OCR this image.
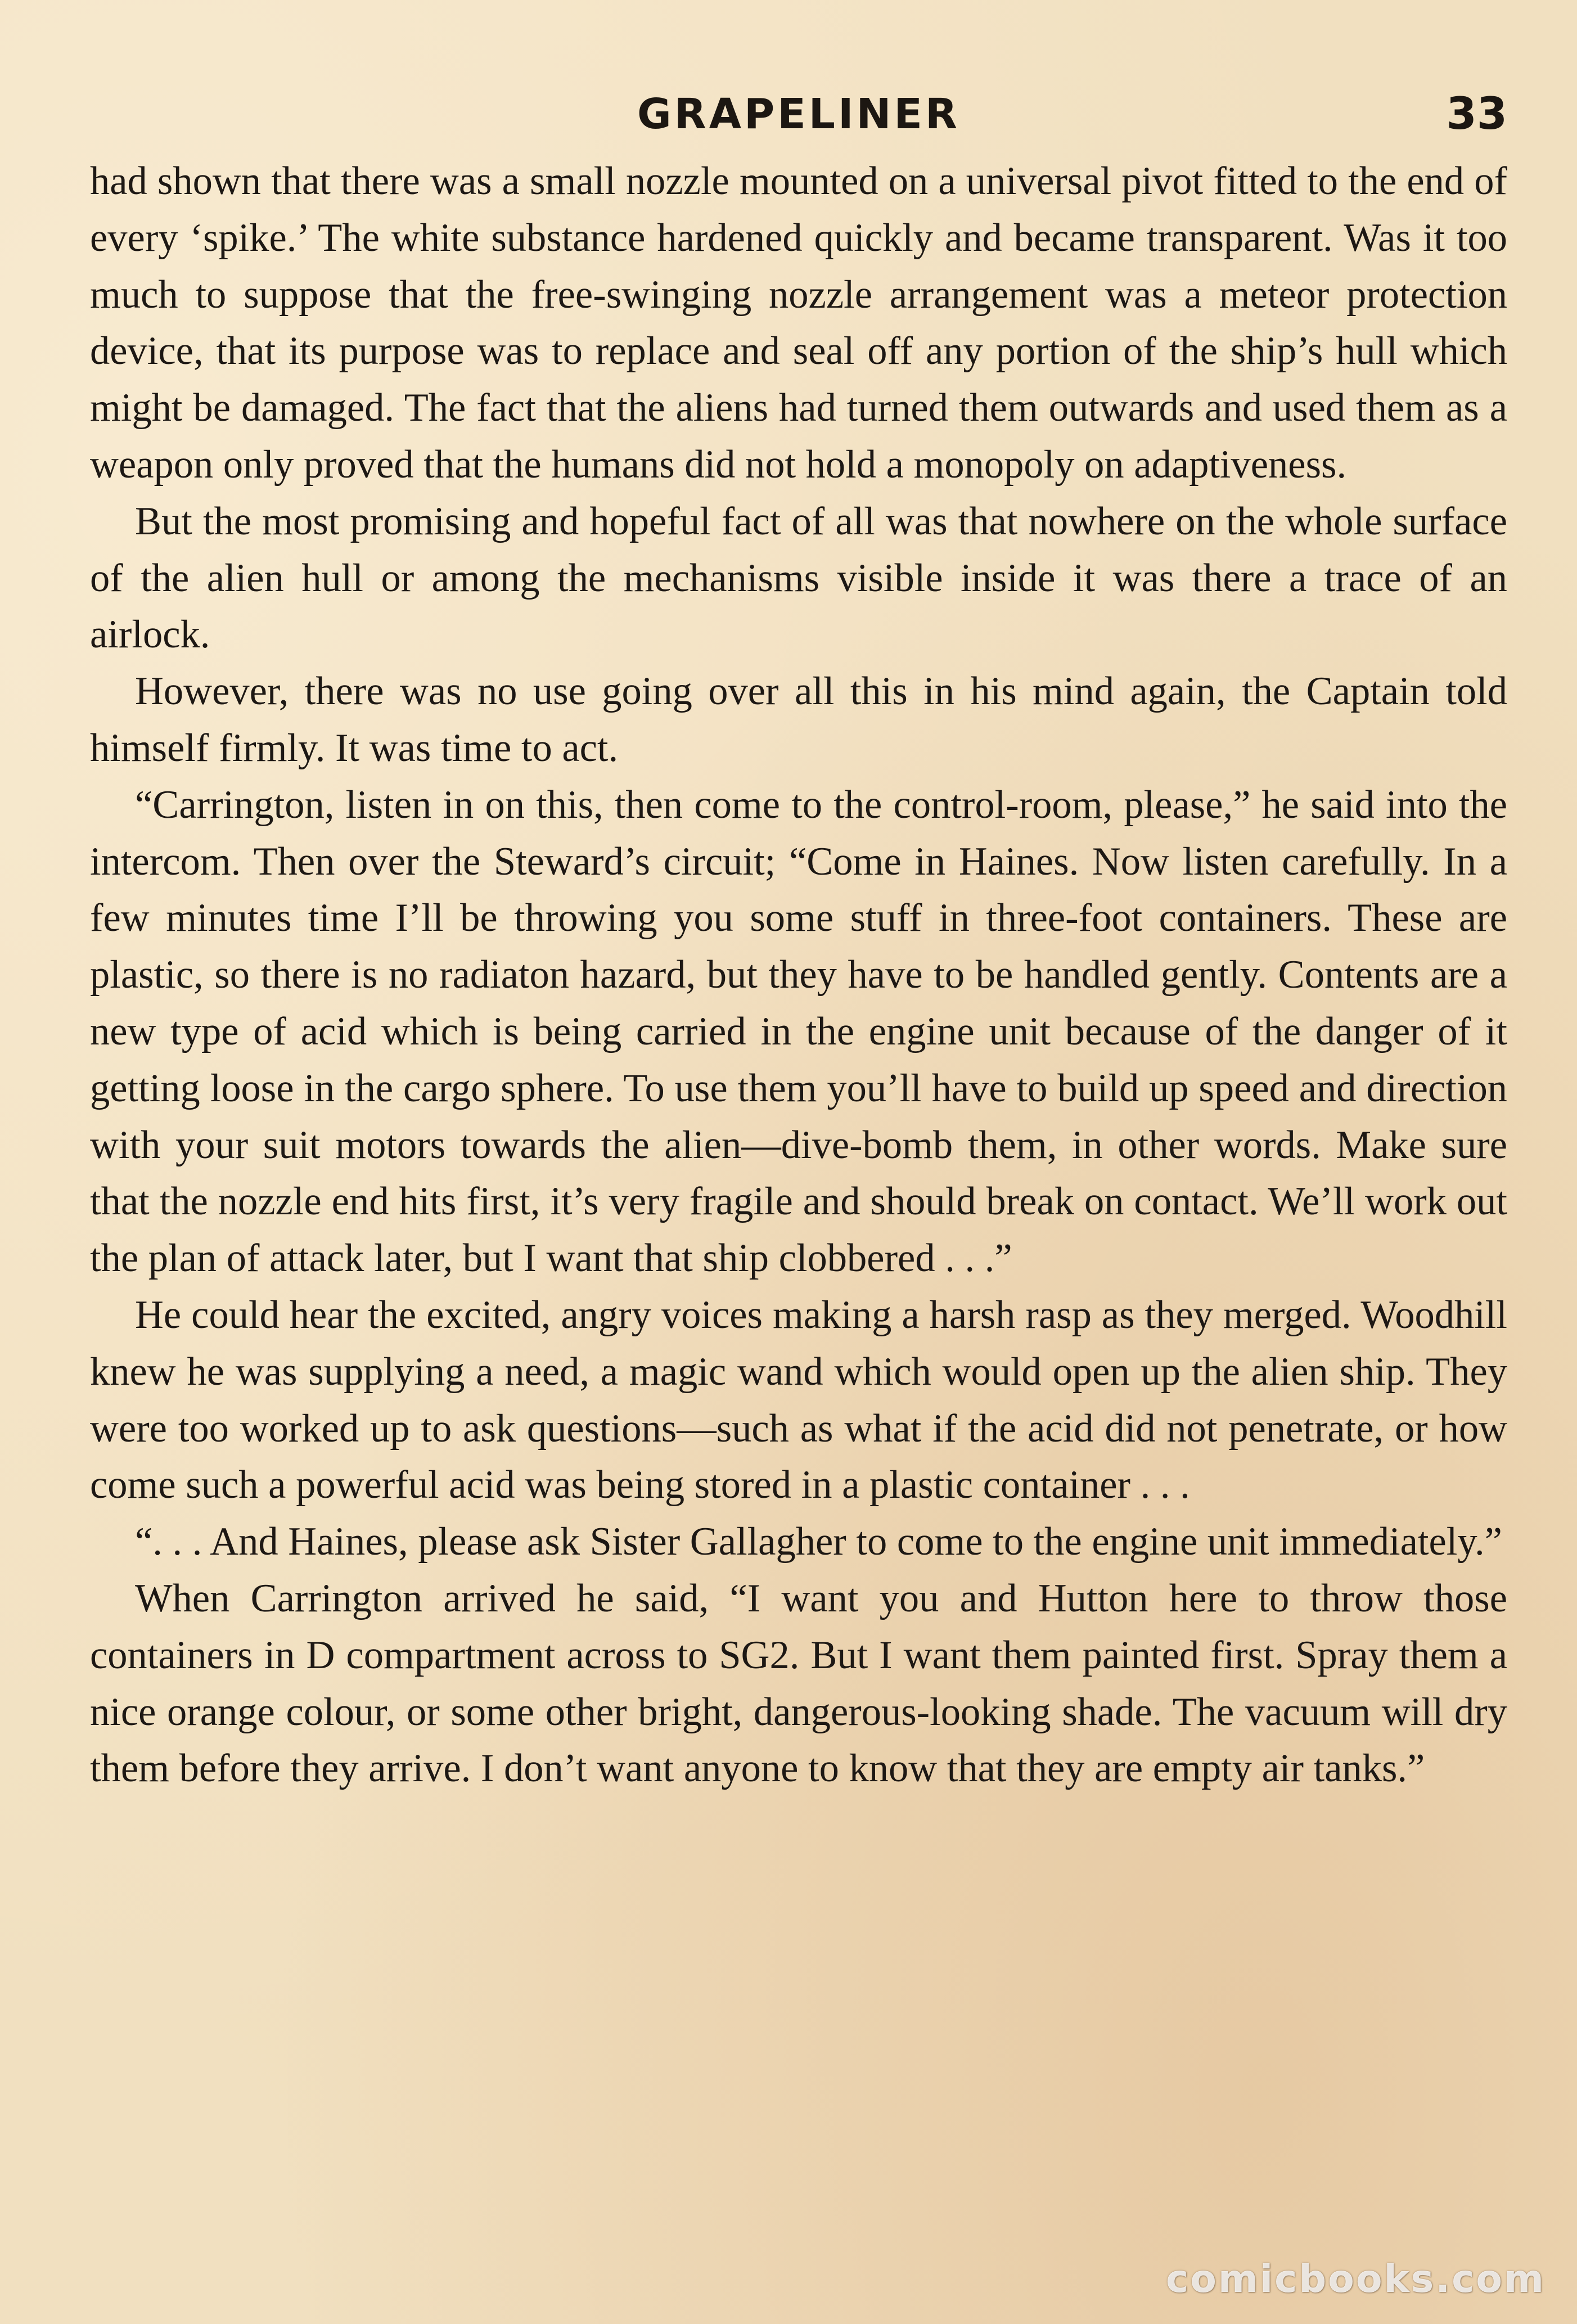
GRAPELINER	33

had shown that there was a small nozzle mounted on a universal pivot fitted to the end of every ‘spike.’ The white substance hardened quickly and became transparent. Was it too much to suppose that the free-swinging nozzle arrangement was a meteor protection device, that its purpose was to replace and seal off any portion of the ship’s hull which might be damaged. The fact that the aliens had turned them outwards and used them as a weapon only proved that the humans did not hold a monopoly on adaptiveness.

But the most promising and hopeful fact of all was that nowhere on the whole surface of the alien hull or among the mechanisms visible inside it was there a trace of an airlock.

However, there was no use going over all this in his mind again, the Captain told himself firmly. It was time to act.

“Carrington, listen in on this, then come to the control-room, please,” he said into the intercom. Then over the Steward’s circuit; “Come in Haines. Now listen carefully. In a few minutes time I’ll be throwing you some stuff in three-foot containers. These are plastic, so there is no radiaton hazard, but they have to be handled gently. Contents are a new type of acid which is being carried in the engine unit because of the danger of it getting loose in the cargo sphere. To use them you’ll have to build up speed and direction with your suit motors towards the alien—dive-bomb them, in other words. Make sure that the nozzle end hits first, it’s very fragile and should break on contact. We’ll work out the plan of attack later, but I want that ship clobbered . . .”

He could hear the excited, angry voices making a harsh rasp as they merged. Woodhill knew he was supplying a need, a magic wand which would open up the alien ship. They were too worked up to ask questions—such as what if the acid did not penetrate, or how come such a powerful acid was being stored in a plastic container . . .

“. . . And Haines, please ask Sister Gallagher to come to the engine unit immediately.”

When Carrington arrived he said, “I want you and Hutton here to throw those containers in D compartment across to SG2. But I want them painted first. Spray them a nice orange colour, or some other bright, dangerous-looking shade. The vacuum will dry them before they arrive. I don’t want anyone to know that they are empty air tanks.”

comicbooks.com
